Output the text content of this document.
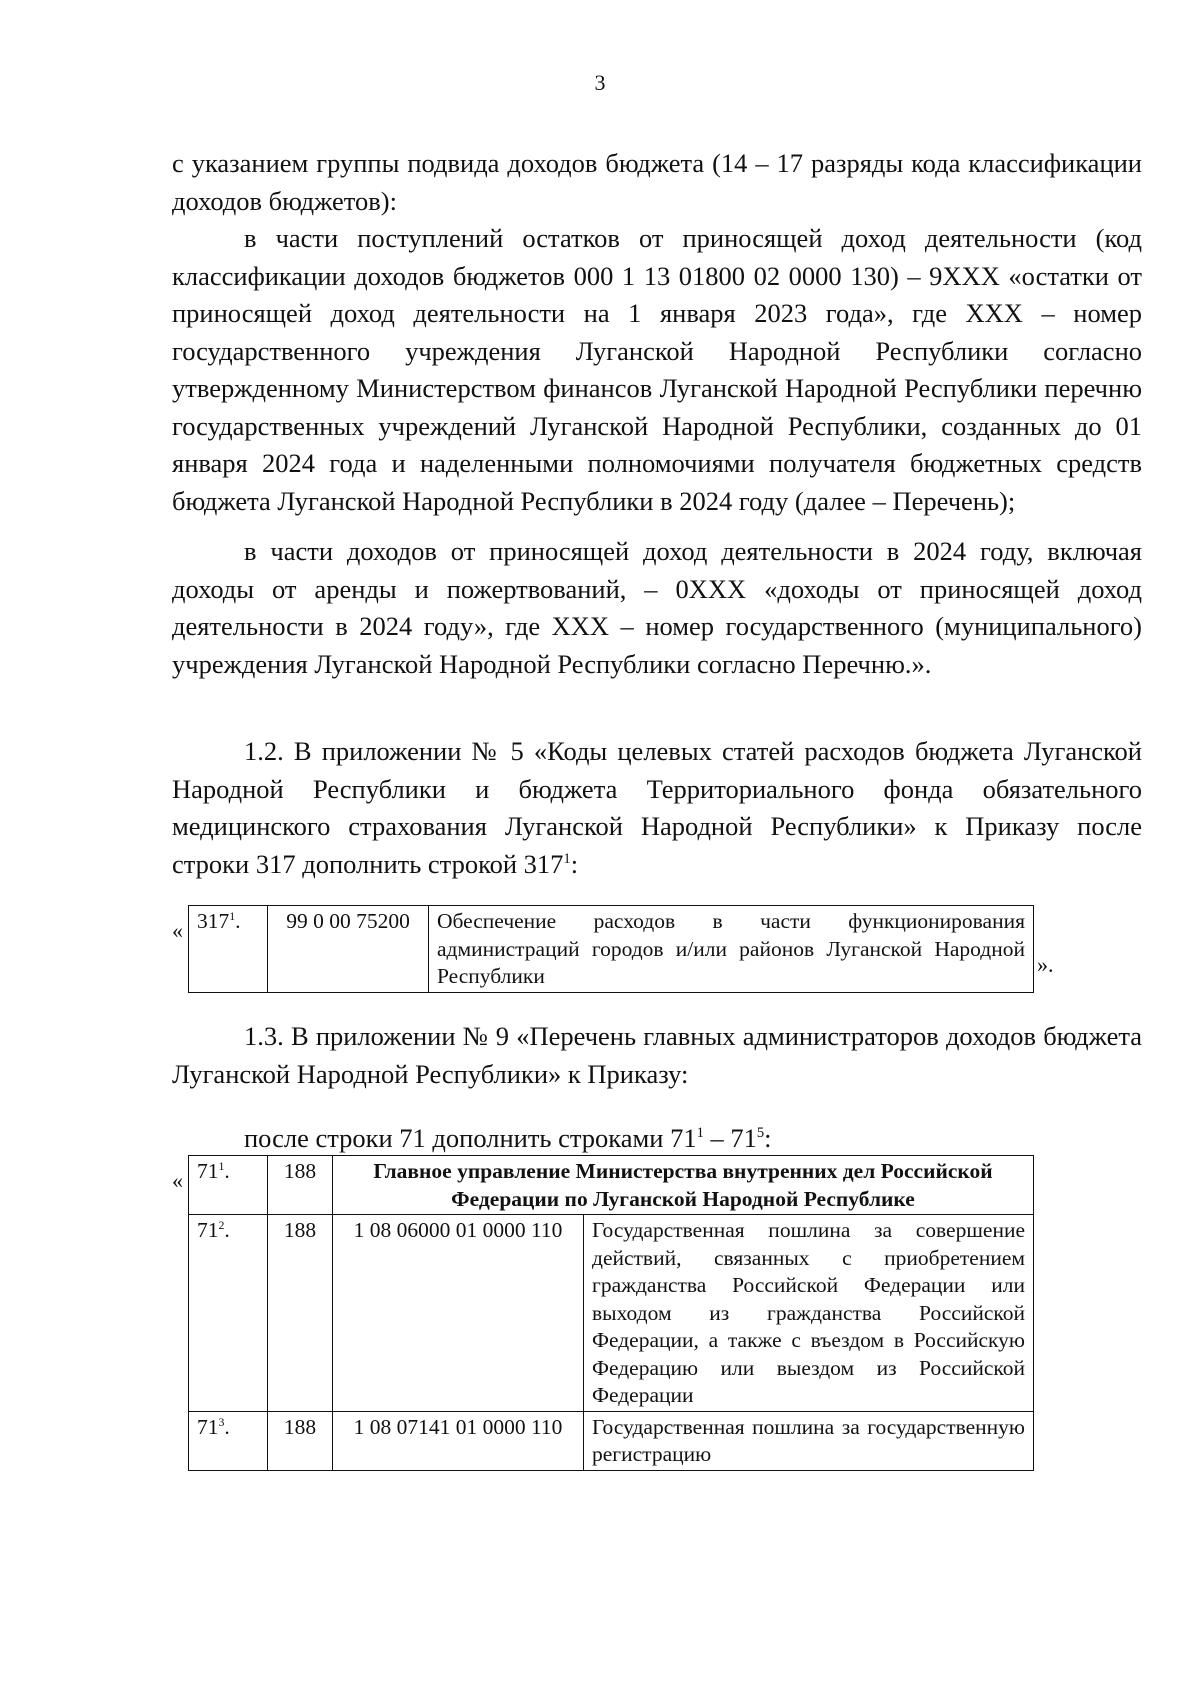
3

с указанием группы подвида доходов бюджета (14 – 17 разряды кода классификации доходов бюджетов):

в части поступлений остатков от приносящей доход деятельности (код классификации доходов бюджетов 000 1 13 01800 02 0000 130) – 9ХХХ «остатки от приносящей доход деятельности на 1 января 2023 года», где ХХХ – номер государственного учреждения Луганской Народной Республики согласно утвержденному Министерством финансов Луганской Народной Республики перечню государственных учреждений Луганской Народной Республики, созданных до 01 января 2024 года и наделенными полномочиями получателя бюджетных средств бюджета Луганской Народной Республики в 2024 году (далее – Перечень);

в части доходов от приносящей доход деятельности в 2024 году, включая доходы от аренды и пожертвований, – 0ХХХ «доходы от приносящей доход деятельности в 2024 году», где ХХХ – номер государственного (муниципального) учреждения Луганской Народной Республики согласно Перечню.».

1.2. В приложении № 5 «Коды целевых статей расходов бюджета Луганской Народной Республики и бюджета Территориального фонда обязательного медицинского страхования Луганской Народной Республики» к Приказу после строки 317 дополнить строкой $317^1$:

« $317^1$.	99 0 00 75200	Обеспечение расходов в части функционирования администраций городов и/или районов Луганской Народной Республики	».

1.3. В приложении № 9 «Перечень главных администраторов доходов бюджета Луганской Народной Республики» к Приказу:

после строки 71 дополнить строками $71^1 - 71^5$:

« $71^1$.	188	Главное управление Министерства внутренних дел Российской Федерации по Луганской Народной Республике	
$71^2$.	188	1 08 06000 01 0000 110	Государственная пошлина за совершение действий, связанных с приобретением гражданства Российской Федерации или выходом из гражданства Российской Федерации, а также с въездом в Российскую Федерацию или выездом из Российской Федерации
$71^3$.	188	1 08 07141 01 0000 110	Государственная пошлина за государственную регистрацию
